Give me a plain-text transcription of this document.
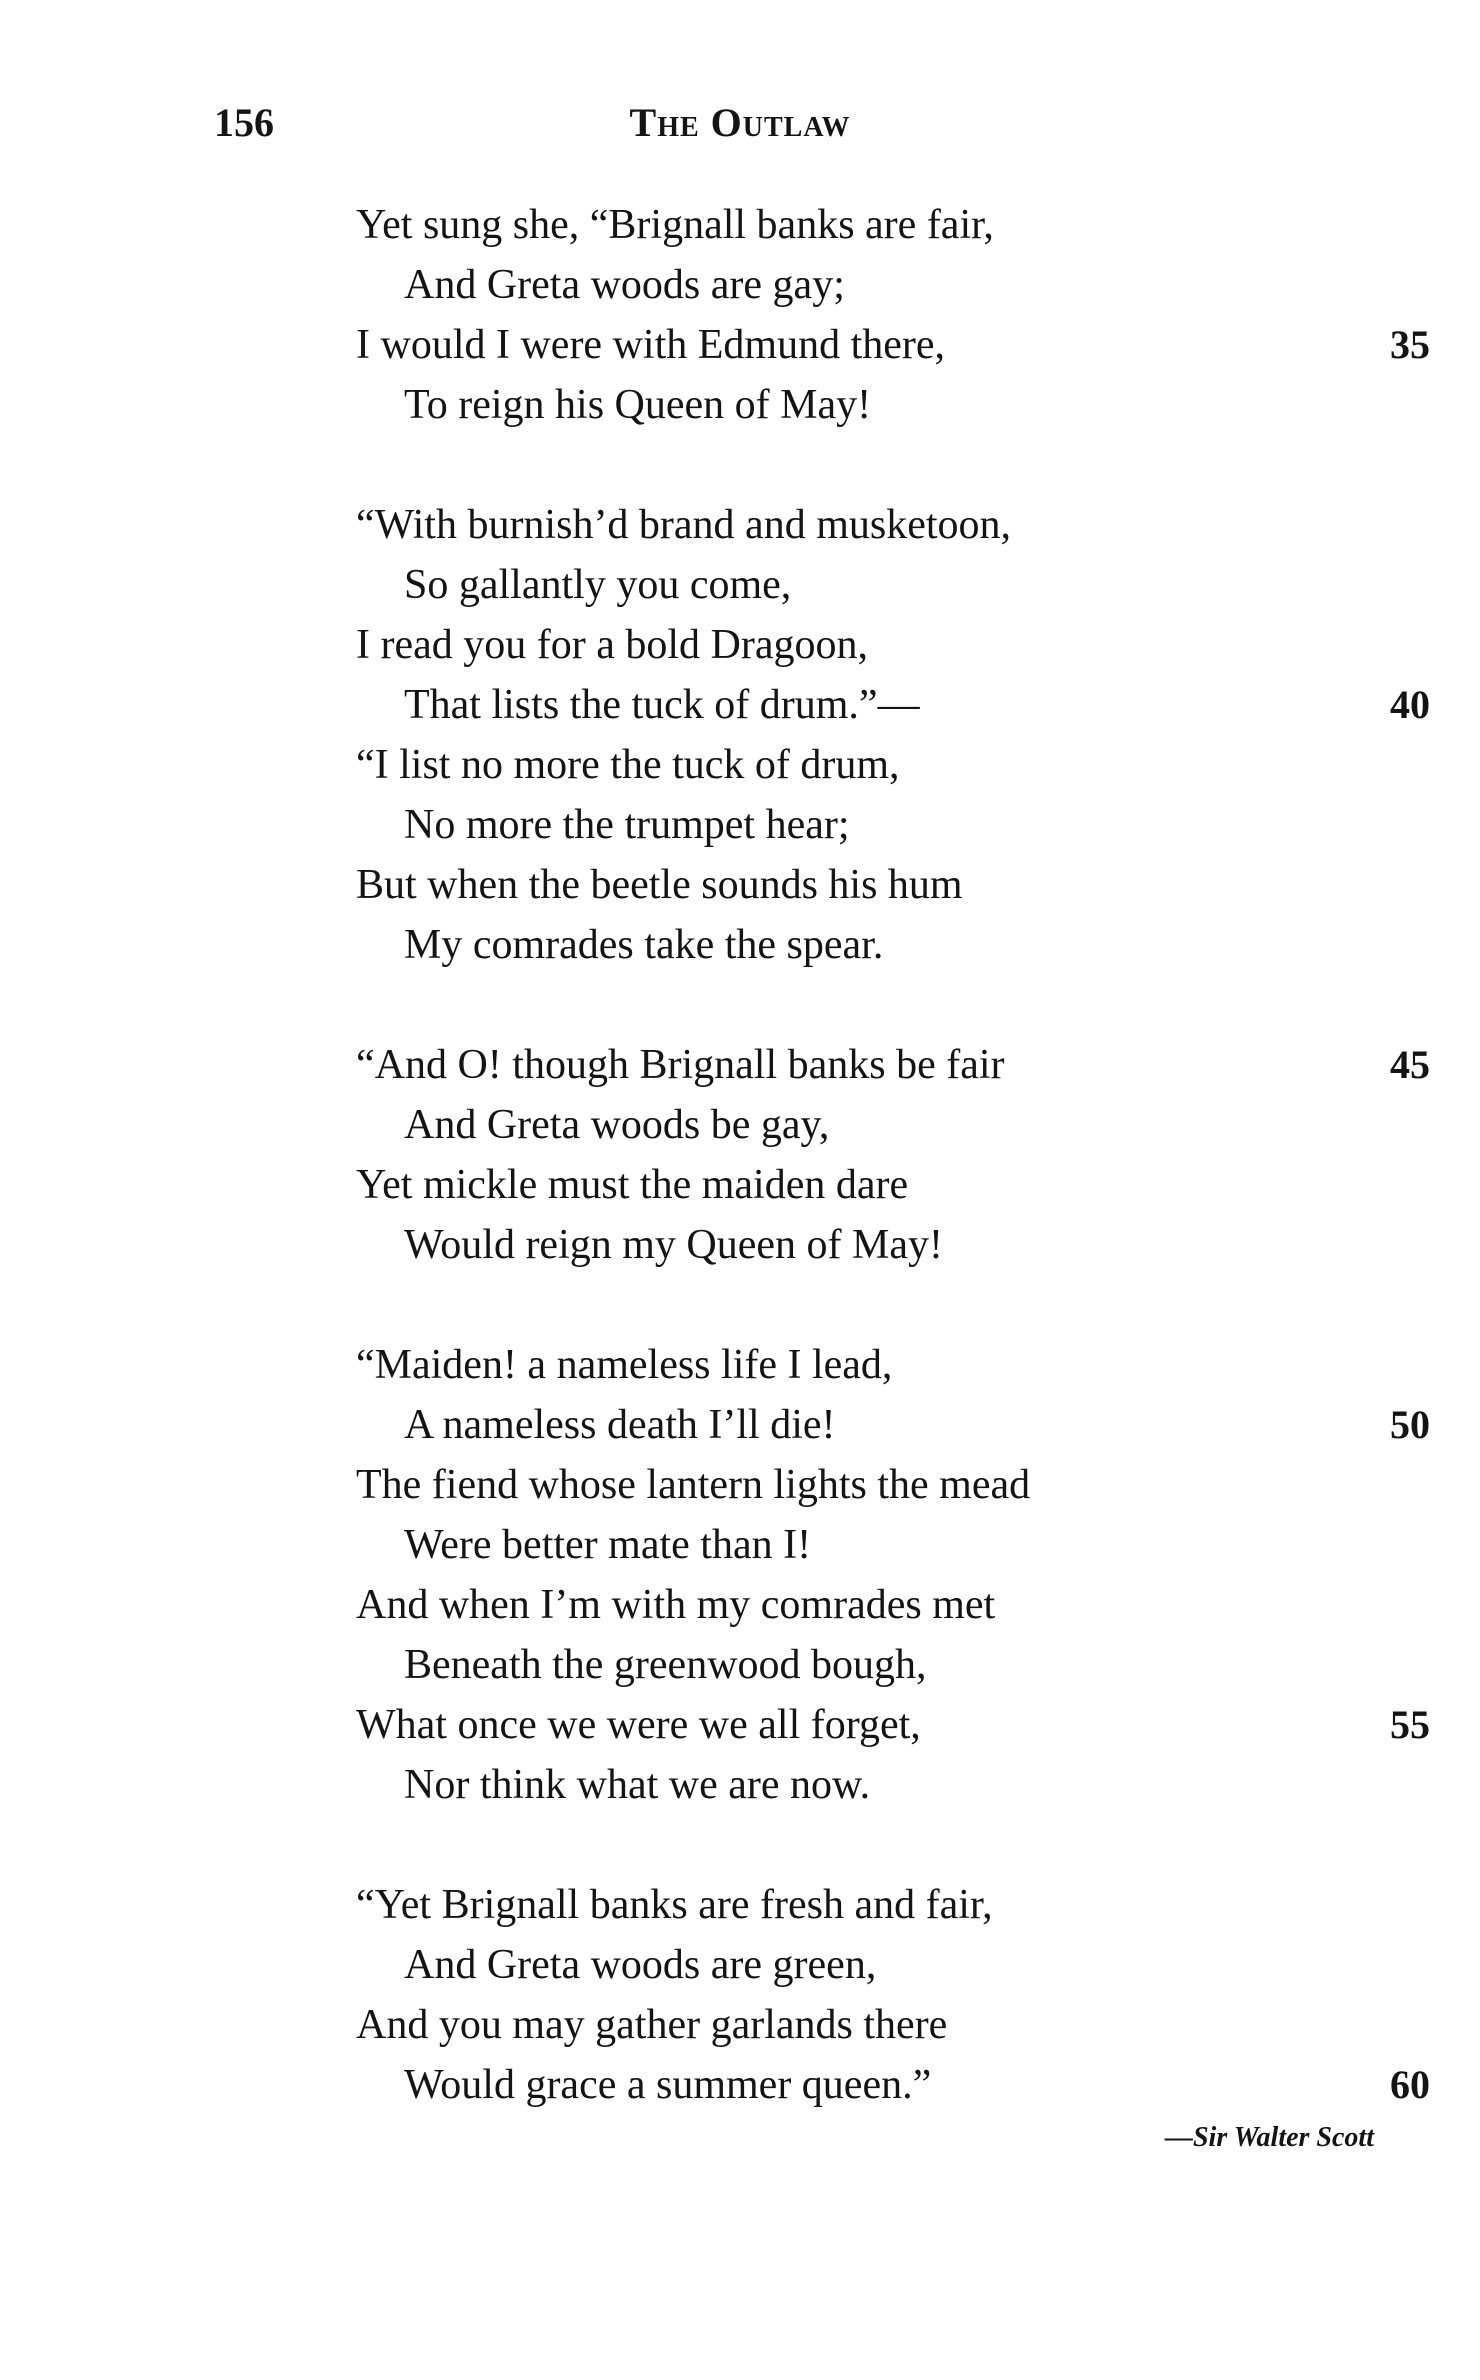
156	The Outlaw
Yet sung she, “Brignall banks are fair,
And Greta woods are gay;
I would I were with Edmund there,	35
To reign his Queen of May!
“With burnish’d brand and musketoon,
So gallantly you come,
I read you for a bold Dragoon,
That lists the tuck of drum.”—	40
“I list no more the tuck of drum,
No more the trumpet hear;
But when the beetle sounds his hum
My comrades take the spear.
“And O! though Brignall banks be fair	45
And Greta woods be gay,
Yet mickle must the maiden dare
Would reign my Queen of May!
“Maiden! a nameless life I lead,
A nameless death I’ll die!	50
The fiend whose lantern lights the mead
Were better mate than I!
And when I’m with my comrades met
Beneath the greenwood bough,
What once we were we all forget,	55
Nor think what we are now.
“Yet Brignall banks are fresh and fair,
And Greta woods are green,
And you may gather garlands there
Would grace a summer queen.”	60
—Sir Walter Scott
